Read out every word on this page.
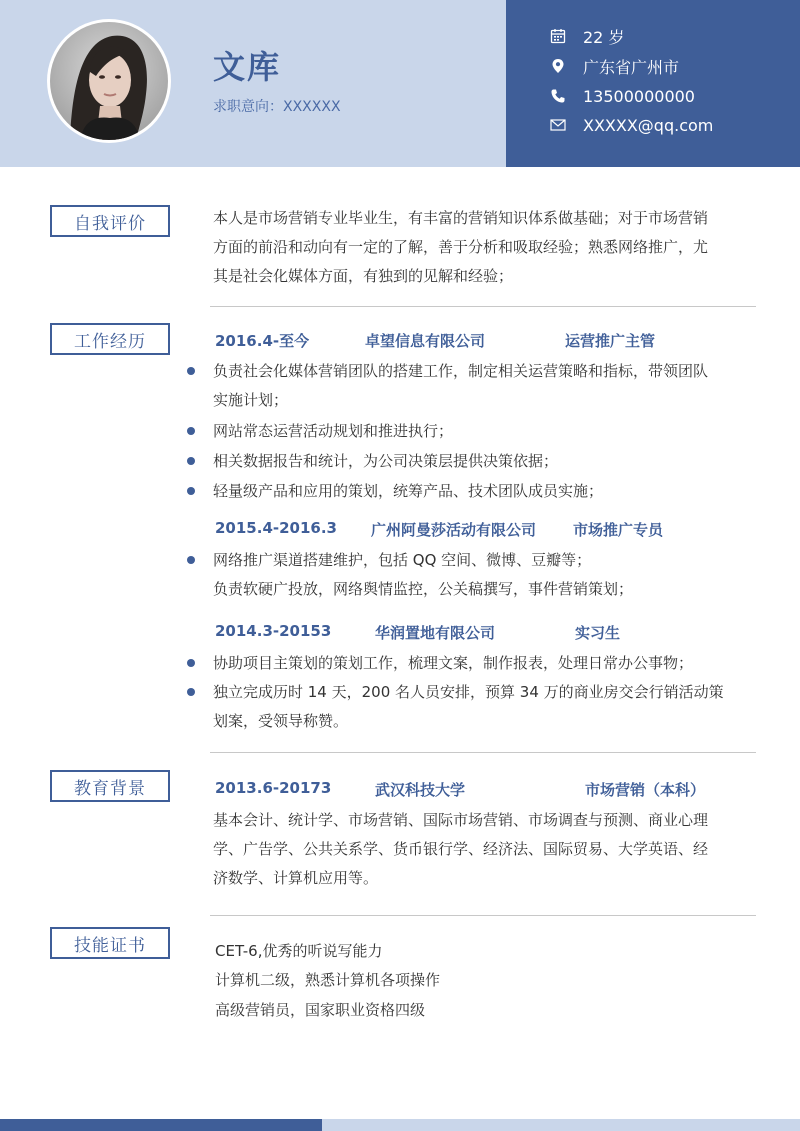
文库
求职意向：XXXXXX
22 岁
广东省广州市
13500000000
XXXXX@qq.com
自我评价	本人是市场营销专业毕业生，有丰富的营销知识体系做基础；对于市场营销
方面的前沿和动向有一定的了解，善于分析和吸取经验；熟悉网络推广，尤
其是社会化媒体方面，有独到的见解和经验；
工作经历	2016.4-至今	卓望信息有限公司	运营推广主管
负责社会化媒体营销团队的搭建工作，制定相关运营策略和指标，带领团队
实施计划；
网站常态运营活动规划和推进执行；
相关数据报告和统计，为公司决策层提供决策依据；
轻量级产品和应用的策划，统筹产品、技术团队成员实施；
2015.4-2016.3 广州阿曼莎活动有限公司 市场推广专员
网络推广渠道搭建维护，包括 QQ 空间、微博、豆瓣等；
负责软硬广投放，网络舆情监控，公关稿撰写，事件营销策划；
2014.3-20153	华润置地有限公司	实习生
协助项目主策划的策划工作，梳理文案，制作报表，处理日常办公事物；
独立完成历时 14 天，200 名人员安排，预算 34 万的商业房交会行销活动策
划案，受领导称赞。
教育背景	2013.6-20173	武汉科技大学	市场营销（本科）
基本会计、统计学、市场营销、国际市场营销、市场调查与预测、商业心理
学、广告学、公共关系学、货币银行学、经济法、国际贸易、大学英语、经
济数学、计算机应用等。
技能证书	CET-6,优秀的听说写能力
计算机二级，熟悉计算机各项操作
高级营销员，国家职业资格四级
